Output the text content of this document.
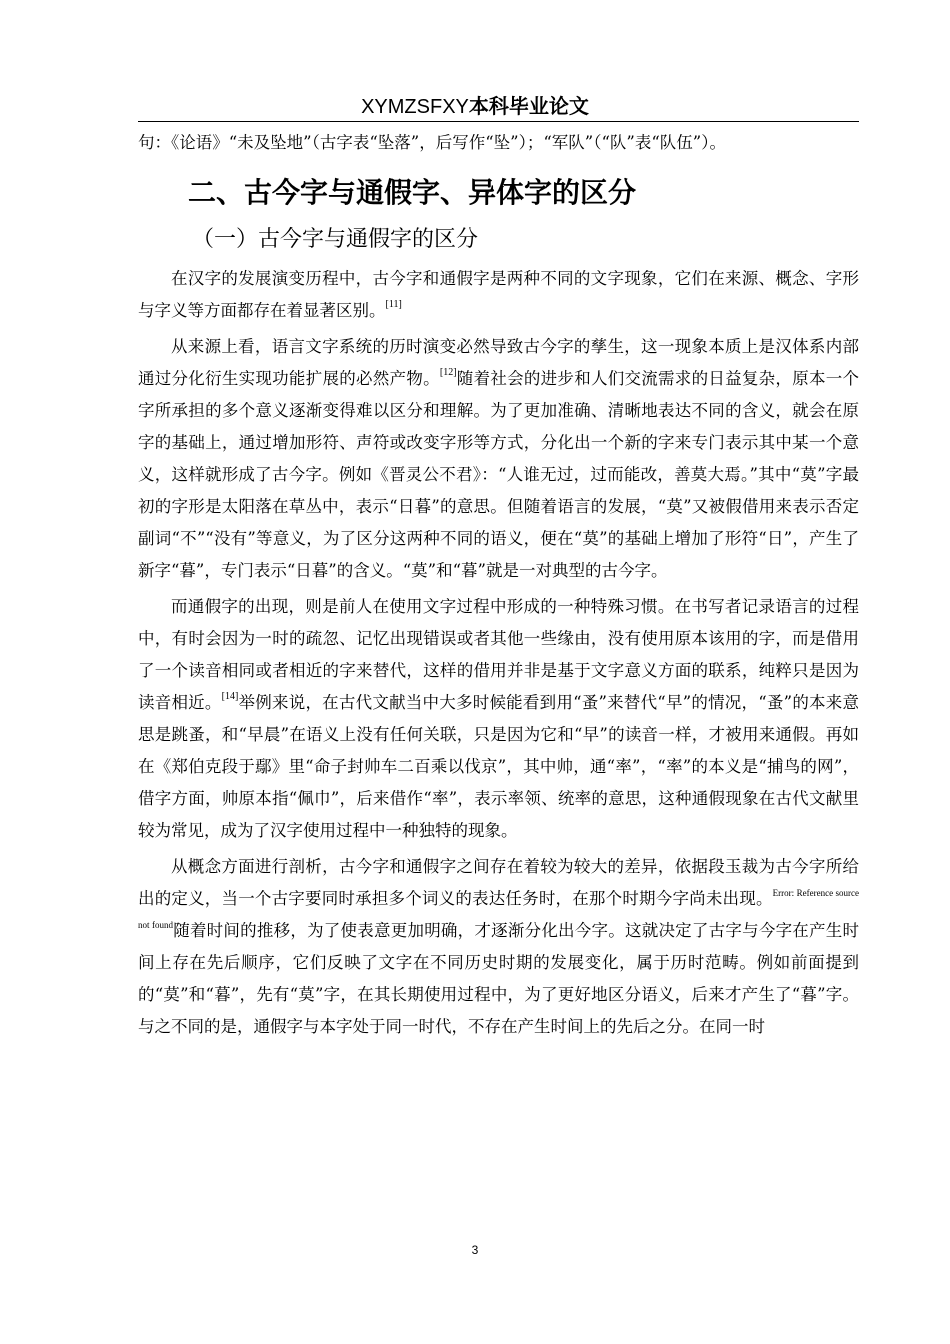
XYMZSFXY本科毕业论文

句：《论语》“未及坠地”（古字表“坠落”，后写作“坠”）；“军队”（“队”表“队伍”）。

二、古今字与通假字、异体字的区分
（一）古今字与通假字的区分

在汉字的发展演变历程中，古今字和通假字是两种不同的文字现象，它们在来源、概念、字形与字义等方面都存在着显著区别。[11]

从来源上看，语言文字系统的历时演变必然导致古今字的孳生，这一现象本质上是汉体系内部通过分化衍生实现功能扩展的必然产物。[12]随着社会的进步和人们交流需求的日益复杂，原本一个字所承担的多个意义逐渐变得难以区分和理解。为了更加准确、清晰地表达不同的含义，就会在原字的基础上，通过增加形符、声符或改变字形等方式，分化出一个新的字来专门表示其中某一个意义，这样就形成了古今字。例如《晋灵公不君》：“人谁无过，过而能改，善莫大焉。”其中“莫”字最初的字形是太阳落在草丛中，表示“日暮”的意思。但随着语言的发展，“莫”又被假借用来表示否定副词“不”“没有”等意义，为了区分这两种不同的语义，便在“莫”的基础上增加了形符“日”，产生了新字“暮”，专门表示“日暮”的含义。“莫”和“暮”就是一对典型的古今字。

而通假字的出现，则是前人在使用文字过程中形成的一种特殊习惯。在书写者记录语言的过程中，有时会因为一时的疏忽、记忆出现错误或者其他一些缘由，没有使用原本该用的字，而是借用了一个读音相同或者相近的字来替代，这样的借用并非是基于文字意义方面的联系，纯粹只是因为读音相近。[14]举例来说，在古代文献当中大多时候能看到用“蚤”来替代“早”的情况，“蚤”的本来意思是跳蚤，和“早晨”在语义上没有任何关联，只是因为它和“早”的读音一样，才被用来通假。再如在《郑伯克段于鄢》里“命子封帅车二百乘以伐京”，其中帅，通“率”，“率”的本义是“捕鸟的网”，借字方面，帅原本指“佩巾”，后来借作“率”，表示率领、统率的意思，这种通假现象在古代文献里较为常见，成为了汉字使用过程中一种独特的现象。

从概念方面进行剖析，古今字和通假字之间存在着较为较大的差异，依据段玉裁为古今字所给出的定义，当一个古字要同时承担多个词义的表达任务时，在那个时期今字尚未出现。$^{Error: Reference source not found}$随着时间的推移，为了使表意更加明确，才逐渐分化出今字。这就决定了古字与今字在产生时间上存在先后顺序，它们反映了文字在不同历史时期的发展变化，属于历时范畴。例如前面提到的“莫”和“暮”，先有“莫”字，在其长期使用过程中，为了更好地区分语义，后来才产生了“暮”字。与之不同的是，通假字与本字处于同一时代，不存在产生时间上的先后之分。在同一时

3
